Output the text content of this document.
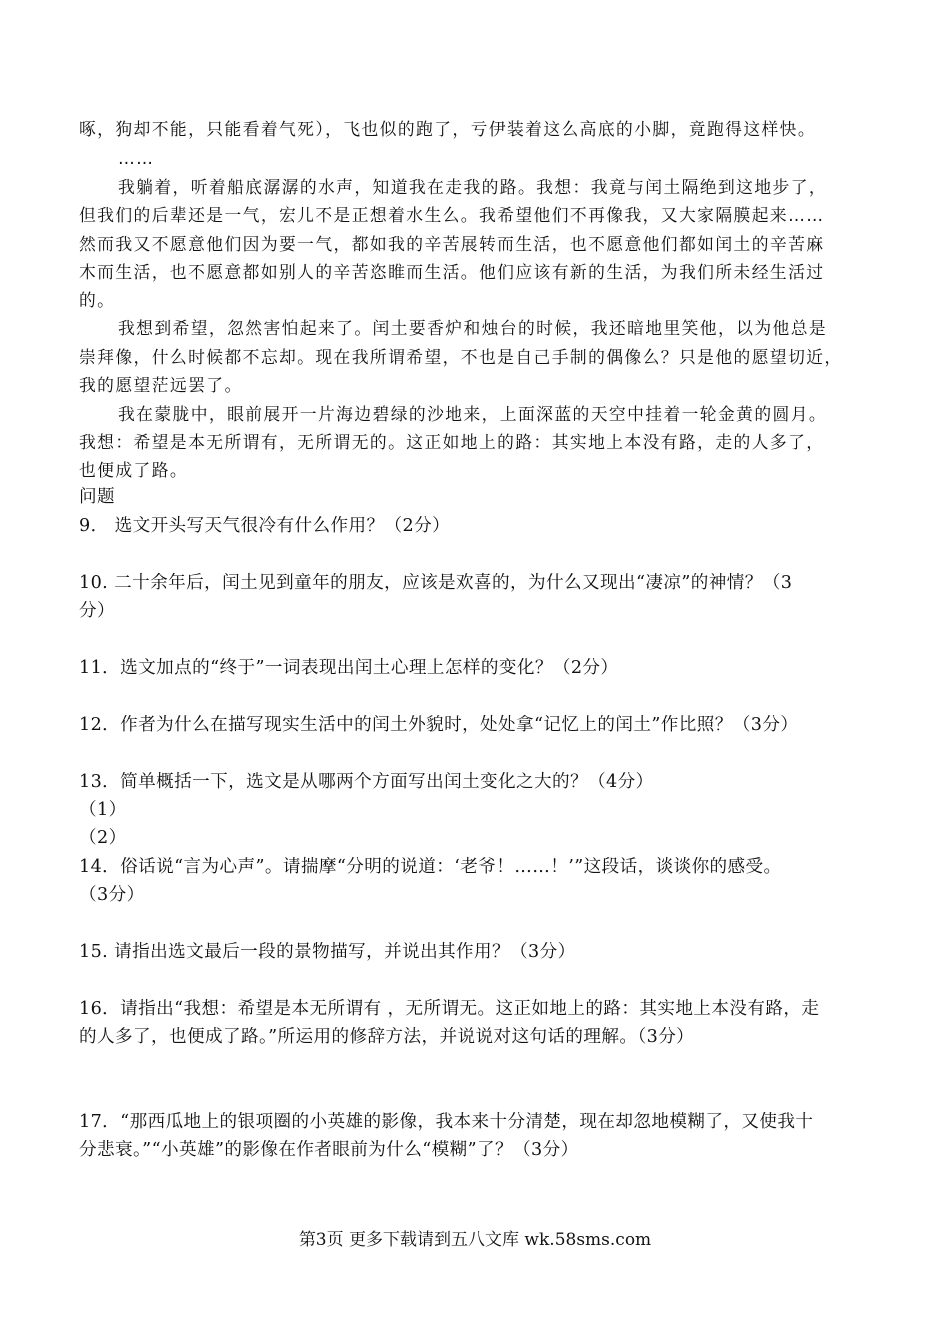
啄，狗却不能，只能看着气死），飞也似的跑了，亏伊装着这么高底的小脚，竟跑得这样快。
……
我躺着，听着船底潺潺的水声，知道我在走我的路。我想：我竟与闰土隔绝到这地步了，
但我们的后辈还是一气，宏儿不是正想着水生么。我希望他们不再像我，又大家隔膜起来……
然而我又不愿意他们因为要一气，都如我的辛苦展转而生活，也不愿意他们都如闰土的辛苦麻
木而生活，也不愿意都如别人的辛苦恣睢而生活。他们应该有新的生活，为我们所未经生活过
的。
我想到希望，忽然害怕起来了。闰土要香炉和烛台的时候，我还暗地里笑他，以为他总是
崇拜像，什么时候都不忘却。现在我所谓希望，不也是自己手制的偶像么？只是他的愿望切近，
我的愿望茫远罢了。
我在蒙胧中，眼前展开一片海边碧绿的沙地来，上面深蓝的天空中挂着一轮金黄的圆月。
我想：希望是本无所谓有，无所谓无的。这正如地上的路：其实地上本没有路，走的人多了，
也便成了路。
问题
9． 选文开头写天气很冷有什么作用？（2分）
10. 二十余年后，闰土见到童年的朋友，应该是欢喜的，为什么又现出“凄凉”的神情？（3
分）
11．选文加点的“终于”一词表现出闰土心理上怎样的变化？（2分）
12．作者为什么在描写现实生活中的闰土外貌时，处处拿“记忆上的闰土”作比照？（3分）
13．简单概括一下，选文是从哪两个方面写出闰土变化之大的？（4分）
（1）
（2）
14．俗话说“言为心声”。请揣摩“分明的说道：‘老爷！……！’”这段话，谈谈你的感受。
（3分）
15. 请指出选文最后一段的景物描写，并说出其作用？（3分）
16．请指出“我想：希望是本无所谓有 ，无所谓无。这正如地上的路：其实地上本没有路，走
的人多了，也便成了路。”所运用的修辞方法，并说说对这句话的理解。（3分）
17．“那西瓜地上的银项圈的小英雄的影像，我本来十分清楚，现在却忽地模糊了，又使我十
分悲衰。”“小英雄”的影像在作者眼前为什么“模糊”了？（3分）
第3页 更多下载请到五八文库 wk.58sms.com
